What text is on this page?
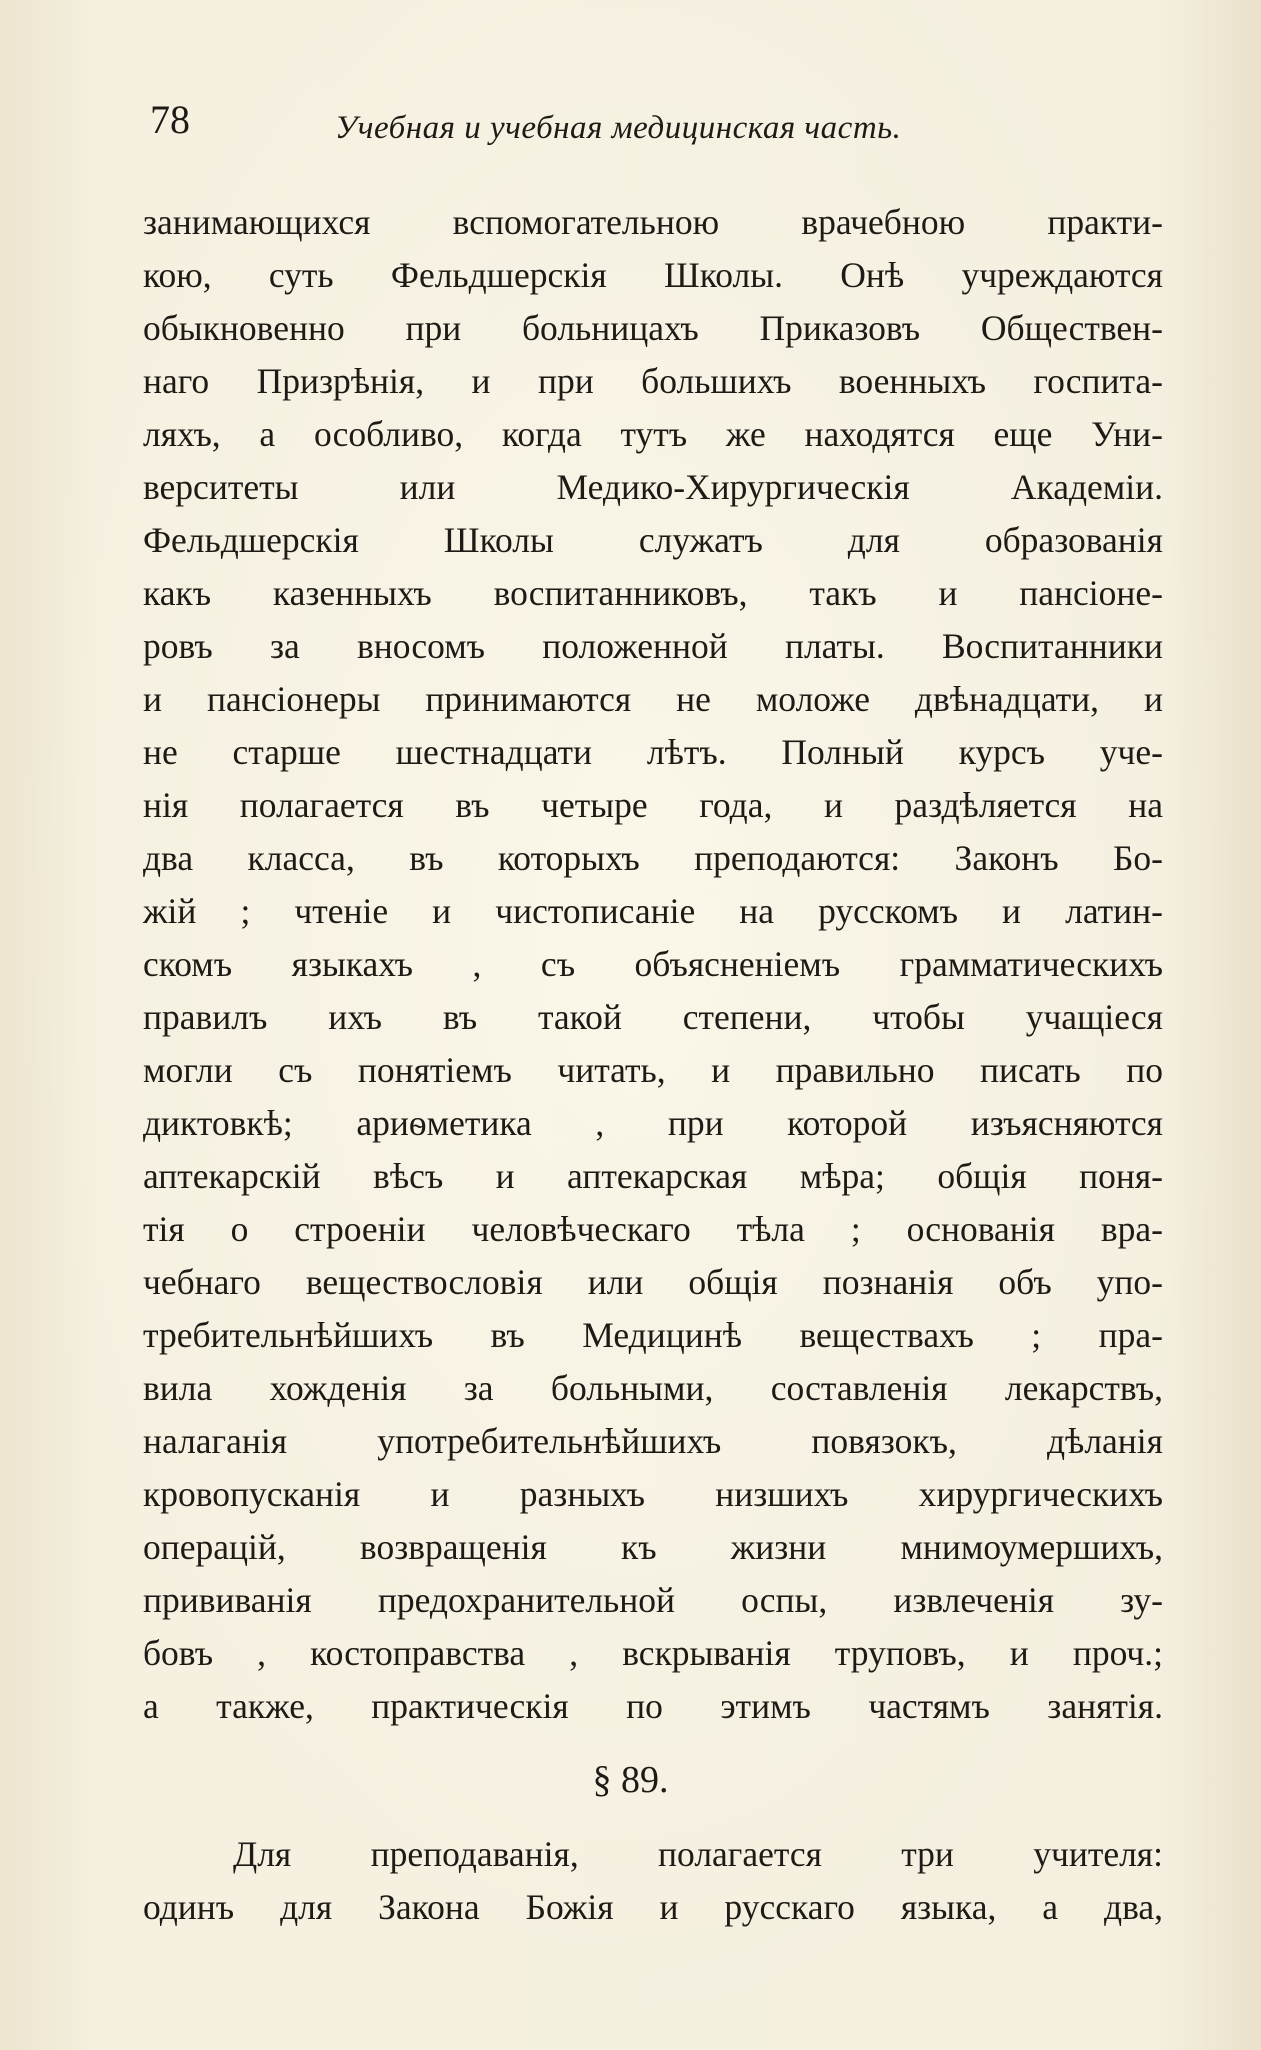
78	Учебная и учебная медицинская часть.
занимающихся вспомогательною врачебною практи-
кою, суть Фельдшерскія Школы. Онѣ учреждаются
обыкновенно при больницахъ Приказовъ Обществен-
наго Призрѣнія, и при большихъ военныхъ госпита-
ляхъ, а особливо, когда тутъ же находятся еще Уни-
верситеты или Медико-Хирургическія Академіи.
Фельдшерскія Школы служатъ для образованія
какъ казенныхъ воспитанниковъ, такъ и пансіоне-
ровъ за вносомъ положенной платы. Воспитанники
и пансіонеры принимаются не моложе двѣнадцати, и
не старше шестнадцати лѣтъ. Полный курсъ уче-
нія полагается въ четыре года, и раздѣляется на
два класса, въ которыхъ преподаются: Законъ Бо-
жій ; чтеніе и чистописаніе на русскомъ и латин-
скомъ языкахъ , съ объясненіемъ грамматическихъ
правилъ ихъ въ такой степени, чтобы учащіеся
могли съ понятіемъ читать, и правильно писать по
диктовкѣ; ариѳметика , при которой изъясняются
аптекарскій вѣсъ и аптекарская мѣра; общія поня-
тія о строеніи человѣческаго тѣла ; основанія вра-
чебнаго веществословія или общія познанія объ упо-
требительнѣйшихъ въ Медицинѣ веществахъ ; пра-
вила хожденія за больными, составленія лекарствъ,
налаганія употребительнѣйшихъ повязокъ, дѣланія
кровопусканія и разныхъ низшихъ хирургическихъ
операцій, возвращенія къ жизни мнимоумершихъ,
прививанія предохранительной оспы, извлеченія зу-
бовъ , костоправства , вскрыванія труповъ, и проч.;
а также, практическія по этимъ частямъ занятія.
§ 89.
Для преподаванія, полагается три учителя:
одинъ для Закона Божія и русскаго языка, а два,
